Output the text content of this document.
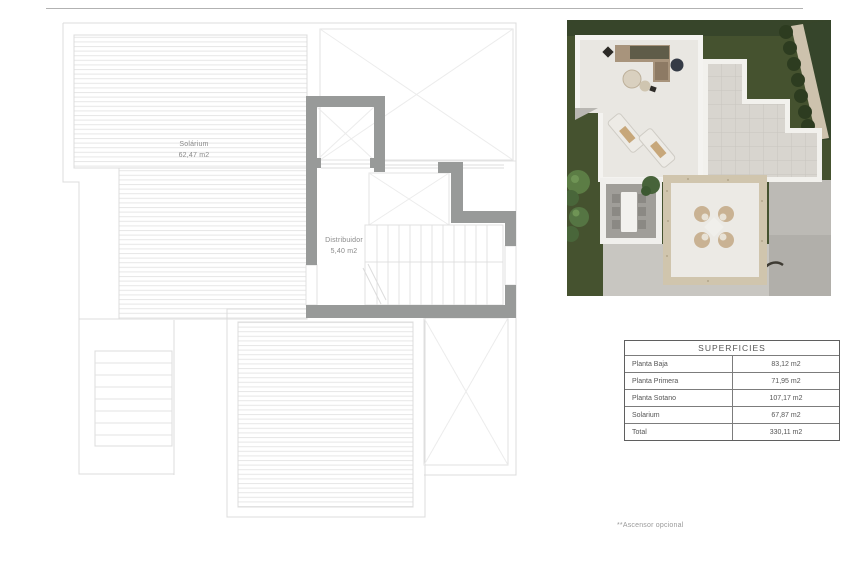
Solárium
62,47 m2
Distribuidor
5,40 m2
SUPERFICIES
Planta Baja	83,12 m2
Planta Primera	71,95 m2
Planta Sotano	107,17 m2
Solarium	67,87 m2
Total	330,11 m2
**Ascensor opcional
